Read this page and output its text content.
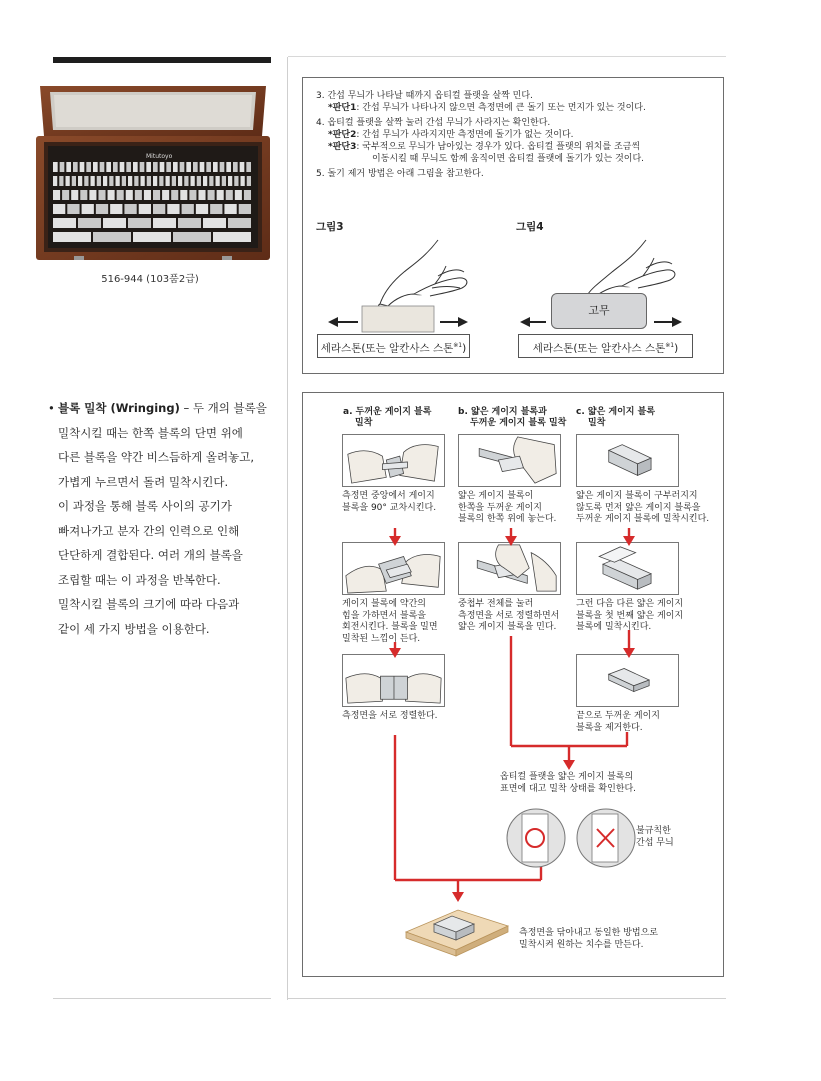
Mitutoyo
516-944 (103품2급)
• 블록 밀착 (Wringing) – 두 개의 블록을

밀착시킬 때는 한쪽 블록의 단면 위에

다른 블록을 약간 비스듬하게 올려놓고,

가볍게 누르면서 돌려 밀착시킨다.

이 과정을 통해 블록 사이의 공기가

빠져나가고 분자 간의 인력으로 인해

단단하게 결합된다. 여러 개의 블록을

조립할 때는 이 과정을 반복한다.

밀착시킬 블록의 크기에 따라 다음과

같이 세 가지 방법을 이용한다.

3. 간섭 무늬가 나타날 때까지 옵티컬 플랫을 살짝 민다.
*판단1: 간섭 무늬가 나타나지 않으면 측정면에 큰 돌기 또는 먼지가 있는 것이다.
4. 옵티컬 플랫을 살짝 눌러 간섭 무늬가 사라지는 확인한다.
*판단2: 간섭 무늬가 사라지지만 측정면에 돌기가 없는 것이다.
*판단3: 국부적으로 무늬가 남아있는 경우가 있다. 옵티컬 플랫의 위치를 조금씩
이동시킬 때 무늬도 함께 움직이면 옵티컬 플랫에 돌기가 있는 것이다.
5. 돌기 제거 방법은 아래 그림을 참고한다.
그림3	그림4
세라스톤(또는 알칸사스 스톤$^{※1}$)
고무
세라스톤(또는 알칸사스 스톤$^{※1}$)
a. 두꺼운 게이지 블록
밀착
b. 얇은 게이지 블록과
두꺼운 게이지 블록 밀착
c. 얇은 게이지 블록
밀착
측정면 중앙에서 게이지
블록을 90° 교차시킨다.
게이지 블록에 약간의
힘을 가하면서 블록을
회전시킨다. 블록을 밀면
밀착된 느낌이 든다.
측정면을 서로 정렬한다.
얇은 게이지 블록이
한쪽을 두꺼운 게이지
블록의 한쪽 위에 놓는다.
중첩부 전체를 눌러
측정면을 서로 정렬하면서
얇은 게이지 블록을 민다.
얇은 게이지 블록이 구부러지지
않도록 먼저 얇은 게이지 블록을
두꺼운 게이지 블록에 밀착시킨다.
그런 다음 다른 얇은 게이지
블록을 첫 번째 얇은 게이지
블록에 밀착시킨다.
끝으로 두꺼운 게이지
블록을 제거한다.
옵티컬 플랫을 얇은 게이지 블록의
표면에 대고 밀착 상태를 확인한다.
불규칙한
간섭 무늬
측정면을 닦아내고 동일한 방법으로
밀착시켜 원하는 치수를 만든다.
